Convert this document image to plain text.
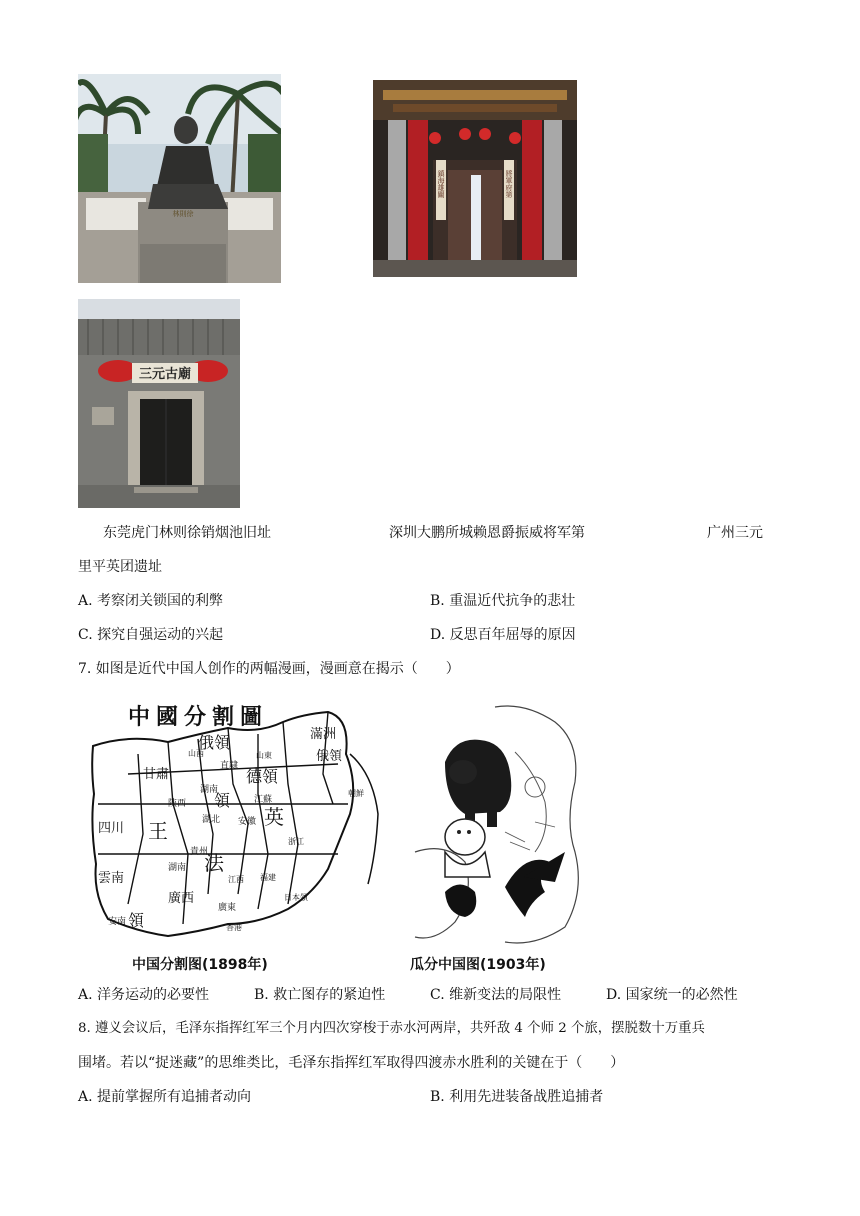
林則徐
鎮海雄關	將軍府第
三元古廟
东莞虎门林则徐销烟池旧址	深圳大鹏所城赖恩爵振威将军第	广州三元
里平英团遗址
A. 考察闭关锁国的利弊	B. 重温近代抗争的悲壮
C. 探究自强运动的兴起	D. 反思百年屈辱的原因
7. 如图是近代中国人创作的两幅漫画，漫画意在揭示（　　）
中國分割圖
滿洲
俄領
俄領
甘肅
陝西
直隸
山西	山東
德領
湖南
湖北
領	江蘇
安徽 英
浙江
四川 王
貴州
湖南 法
江西 福建
雲南
廣西
廣東
香港
日本領
安南 領
朝鮮
中国分割图(1898年)	瓜分中国图(1903年)
A. 洋务运动的必要性	B. 救亡图存的紧迫性	C. 维新变法的局限性	D. 国家统一的必然性
8. 遵义会议后，毛泽东指挥红军三个月内四次穿梭于赤水河两岸，共歼敌 4 个师 2 个旅，摆脱数十万重兵
围堵。若以“捉迷藏”的思维类比，毛泽东指挥红军取得四渡赤水胜利的关键在于（　　）
A. 提前掌握所有追捕者动向	B. 利用先进装备战胜追捕者
